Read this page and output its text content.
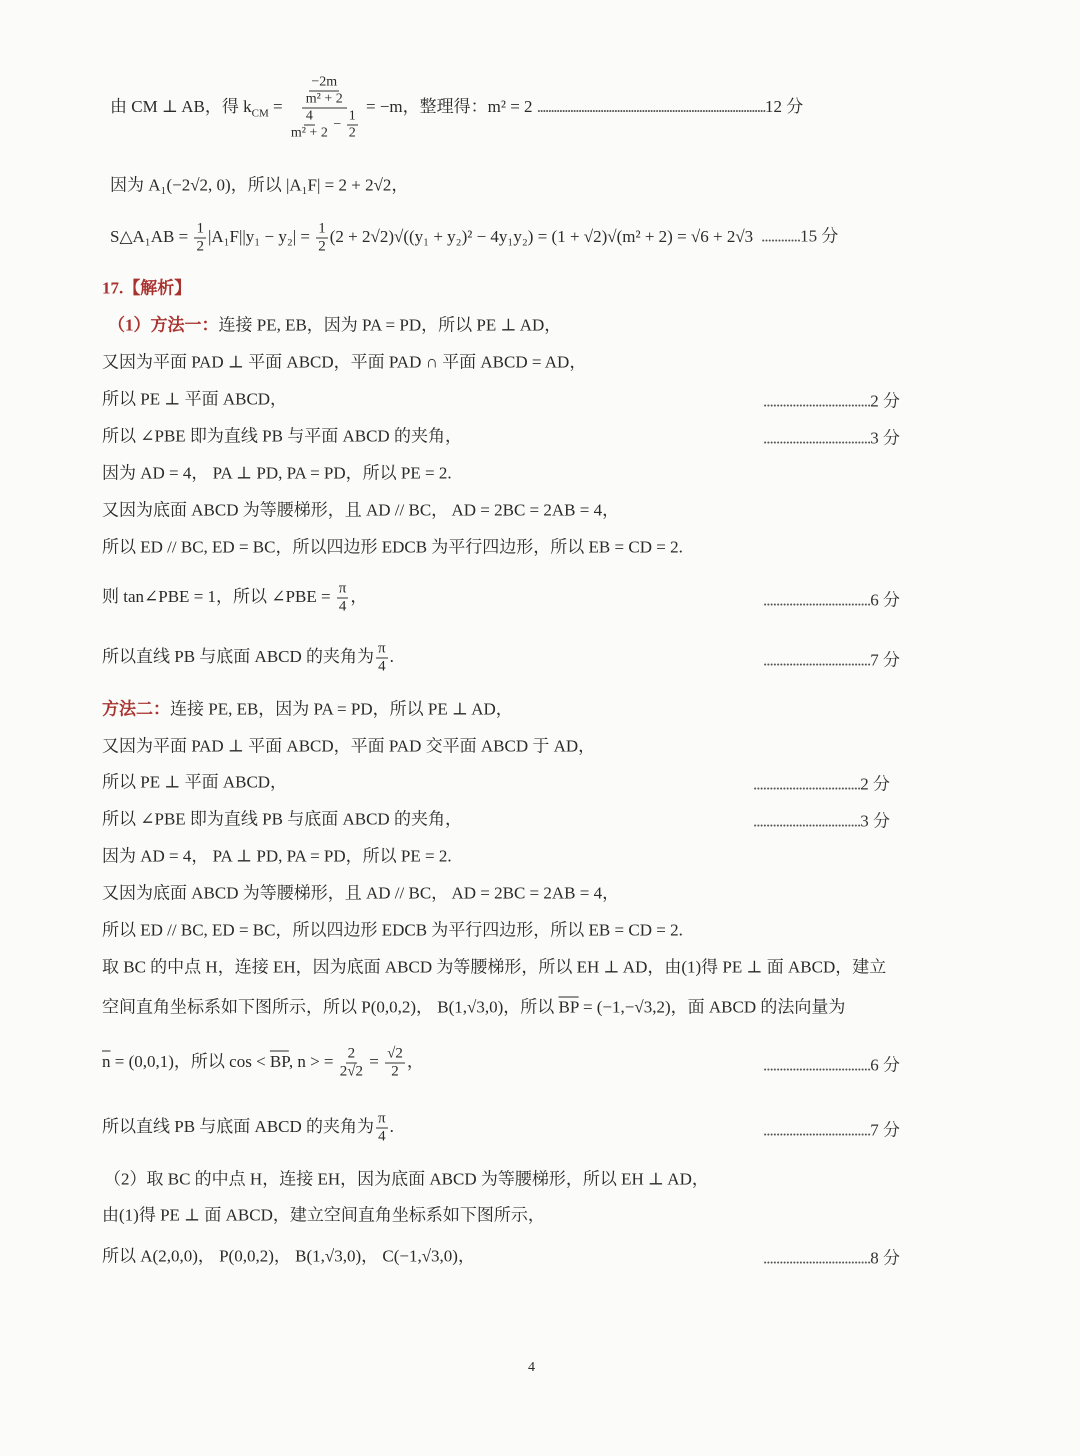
由 CM ⊥ AB，得 $k_{CM} = \frac{\frac{-2m}{\text{m² + 2}}}{\frac{4}{\text{m² + 2}} - \frac{1}{2}} = -m$，整理得：m² = 2 ...................................................................................12 分
因为 A₁(−2√2, 0)，所以 |A₁F| = 2 + 2√2，
S△A₁AB = $\frac{1}{2} |A_1F||y_1 - y_2| = \frac{1}{2} (2 + 2√2)√((y_1 + y_2)^2 - 4y_1y_2) = (1 + √2)√(m^2 + 2) = √6 + 2√3$ ............15 分
17.【解析】
（1）方法一：连接 PE, EB，因为 PA = PD，所以 PE ⊥ AD，
又因为平面 PAD ⊥ 平面 ABCD，平面 PAD ∩ 平面 ABCD = AD，
所以 PE ⊥ 平面 ABCD，	.................................2 分
所以 ∠PBE 即为直线 PB 与平面 ABCD 的夹角，	.................................3 分
因为 AD = 4， PA ⊥ PD, PA = PD，所以 PE = 2.
又因为底面 ABCD 为等腰梯形，且 AD // BC， AD = 2BC = 2AB = 4，
所以 ED // BC, ED = BC，所以四边形 EDCB 为平行四边形，所以 EB = CD = 2.
则 tan∠PBE = 1，所以 ∠PBE = $\frac{\pi}{4}$ ，	.................................6 分
所以直线 PB 与底面 ABCD 的夹角为 $\frac{\pi}{4}$ .	.................................7 分
方法二：连接 PE, EB，因为 PA = PD，所以 PE ⊥ AD，
又因为平面 PAD ⊥ 平面 ABCD，平面 PAD 交平面 ABCD 于 AD，
所以 PE ⊥ 平面 ABCD，	.................................2 分
所以 ∠PBE 即为直线 PB 与底面 ABCD 的夹角，	.................................3 分
因为 AD = 4， PA ⊥ PD, PA = PD，所以 PE = 2.
又因为底面 ABCD 为等腰梯形，且 AD // BC， AD = 2BC = 2AB = 4，
所以 ED // BC, ED = BC，所以四边形 EDCB 为平行四边形，所以 EB = CD = 2.
取 BC 的中点 H，连接 EH，因为底面 ABCD 为等腰梯形，所以 EH ⊥ AD，由(1)得 PE ⊥ 面 ABCD，建立
空间直角坐标系如下图所示，所以 P(0,0,2)， B(1,√3,0)，所以 $\overline{BP} = (-1,-√3,2)$，面 ABCD 的法向量为
$\overline{n} = (0,0,1)$，所以 $\cos < \overline{BP}$, n > = $\frac{2}{2√2} = \frac{√2}{2}$ ，	.................................6 分
所以直线 PB 与底面 ABCD 的夹角为 $\frac{\pi}{4}$ .	.................................7 分
（2）取 BC 的中点 H，连接 EH，因为底面 ABCD 为等腰梯形，所以 EH ⊥ AD，
由(1)得 PE ⊥ 面 ABCD，建立空间直角坐标系如下图所示，
所以 A(2,0,0)， P(0,0,2)， B(1,√3,0)， C(−1,√3,0)，	.................................8 分
4
